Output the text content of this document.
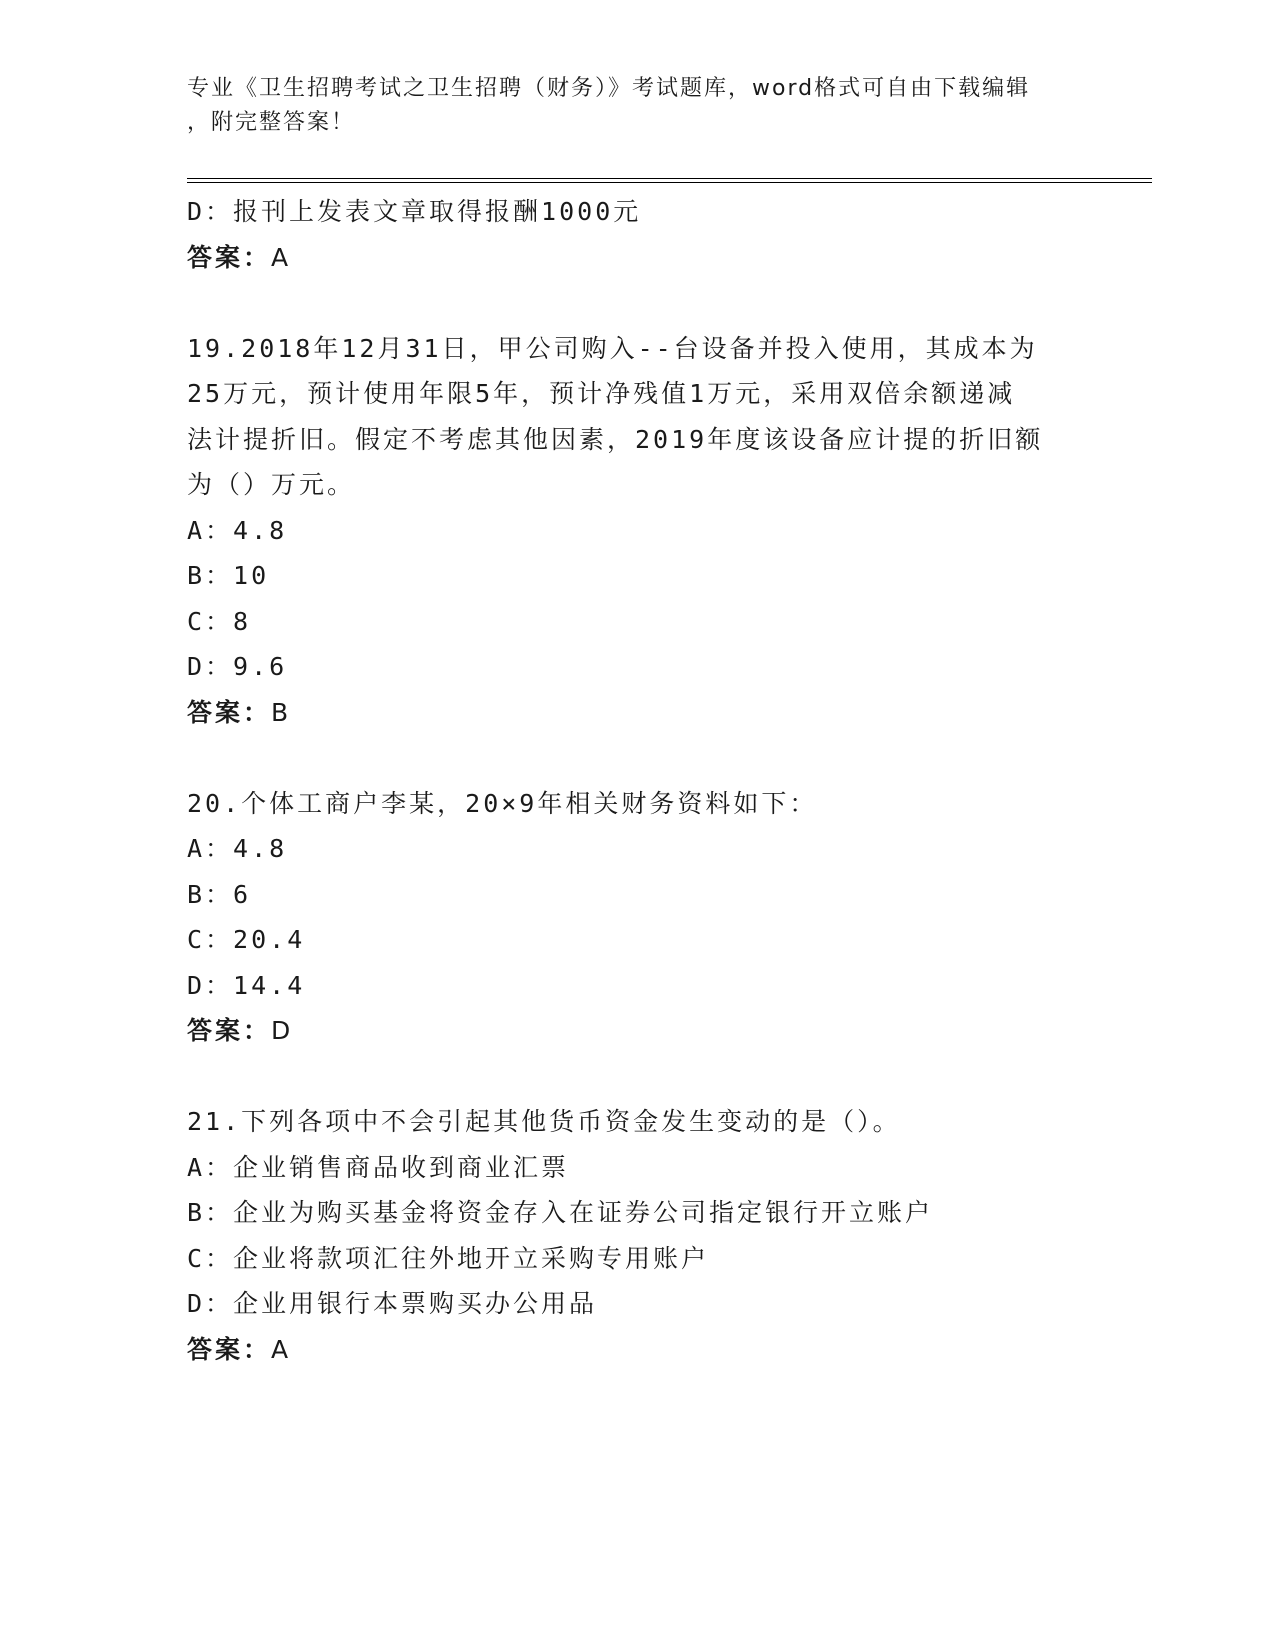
专业《卫生招聘考试之卫生招聘（财务）》考试题库，word格式可自由下载编辑
，附完整答案！
D：报刊上发表文章取得报酬1000元
答案：A
19.2018年12月31日，甲公司购入--台设备并投入使用，其成本为
25万元，预计使用年限5年，预计净残值1万元，采用双倍余额递减
法计提折旧。假定不考虑其他因素，2019年度该设备应计提的折旧额
为（）万元。
A：4.8
B：10
C：8
D：9.6
答案：B
20.个体工商户李某，20×9年相关财务资料如下：
A：4.8
B：6
C：20.4
D：14.4
答案：D
21.下列各项中不会引起其他货币资金发生变动的是（）。
A：企业销售商品收到商业汇票
B：企业为购买基金将资金存入在证券公司指定银行开立账户
C：企业将款项汇往外地开立采购专用账户
D：企业用银行本票购买办公用品
答案：A
